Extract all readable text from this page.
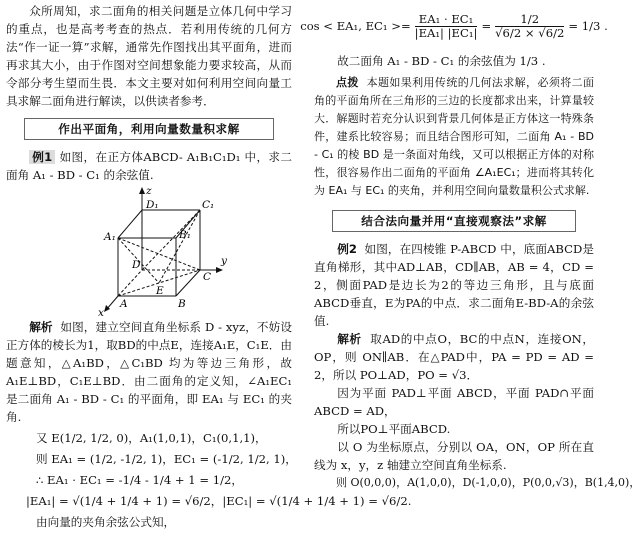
众所周知，求二面角的相关问题是立体几何中学习的重点，也是高考考查的热点．若利用传统的几何方法“作一证一算”求解，通常先作图找出其平面角，进而再求其大小，由于作图对空间想象能力要求较高，从而令部分考生望而生畏．本文主要对如何利用空间向量工具求解二面角进行解读，以供读者参考．

作出平面角，利用向量数量积求解

例1 如图，在正方体ABCD- A₁B₁C₁D₁ 中，求二面角 A₁ - BD - C₁ 的余弦值.

z
y
x
D₁	C₁
A₁	B₁
D
C
A	B
E

解析 如图，建立空间直角坐标系 D - xyz，不妨设正方体的棱长为1，取BD的中点E，连接A₁E，C₁E．由题意知，△A₁BD，△C₁BD 均为等边三角形，故 A₁E⊥BD，C₁E⊥BD．由二面角的定义知，∠A₁EC₁ 是二面角 A₁ - BD - C₁ 的平面角，即 EA₁ 与 EC₁ 的夹角.

又 E(1/2, 1/2, 0)，A₁(1,0,1)，C₁(0,1,1)，

则 EA₁ = (1/2, -1/2, 1)，EC₁ = (-1/2, 1/2, 1)，

∴ EA₁ · EC₁ = -1/4 - 1/4 + 1 = 1/2，

|EA₁| = √(1/4 + 1/4 + 1) = √6/2，|EC₁| = √(1/4 + 1/4 + 1) = √6/2.

由向量的夹角余弦公式知，

cos < EA₁, $EC_1 >= \frac{\text{EA₁ · EC₁}}{\text{|EA₁| |EC₁|}} = \frac{1/2}{√6/2 \times √6/2} = 1/3$ .

故二面角 A₁ - BD - C₁ 的余弦值为 1/3 .

点拨 本题如果利用传统的几何法求解，必须将二面角的平面角所在三角形的三边的长度都求出来，计算量较大．解题时若充分认识到背景几何体是正方体这一特殊条件，建系比较容易；而且结合图形可知，二面角 A₁ - BD - C₁ 的棱 BD 是一条面对角线，又可以根据正方体的对称性，很容易作出二面角的平面角 ∠A₁EC₁；进而将其转化为 EA₁ 与 EC₁ 的夹角，并利用空间向量数量积公式求解.

结合法向量并用“直接观察法”求解

例2 如图，在四棱锥 P-ABCD 中，底面ABCD是直角梯形，其中AD⊥AB，CD∥AB，AB = 4，CD = 2，侧面PAD是边长为2的等边三角形，且与底面ABCD垂直，E为PA的中点．求二面角E-BD-A的余弦值.

解析 取AD的中点O，BC的中点N，连接ON，OP，则 ON∥AB．在△PAD中，PA = PD = AD = 2，所以 PO⊥AD，PO = √3．

因为平面 PAD⊥平面 ABCD，平面 PAD∩平面 ABCD = AD，

所以PO⊥平面ABCD.

以 O 为坐标原点，分别以 OA，ON，OP 所在直线为 x，y，z 轴建立空间直角坐标系.

则 O(0,0,0)，A(1,0,0)，D(-1,0,0)，P(0,0,√3)，B(1,4,0)，
